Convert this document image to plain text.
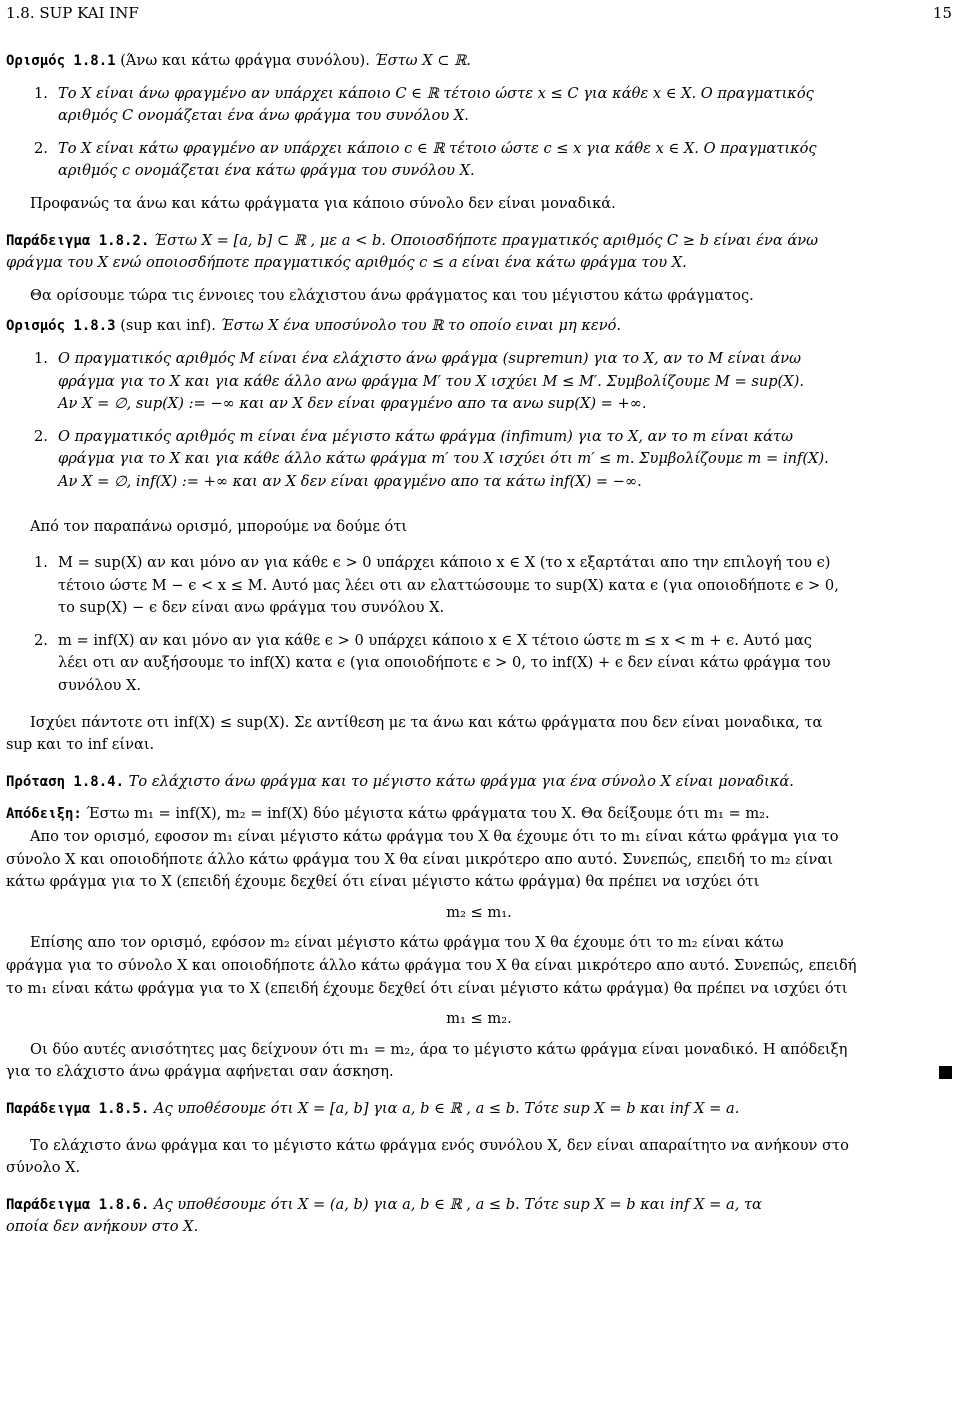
1.8. SUP KAI INF	15

Ορισμός 1.8.1 (Άνω και κάτω φράγμα συνόλου). Έστω X ⊂ ℝ.

1. Το X είναι άνω φραγμένο αν υπάρχει κάποιο C ∈ ℝ τέτοιο ώστε x ≤ C για κάθε x ∈ X. Ο πραγματικός
αριθμός C ονομάζεται ένα άνω φράγμα του συνόλου X.
2. Το X είναι κάτω φραγμένο αν υπάρχει κάποιο c ∈ ℝ τέτοιο ώστε c ≤ x για κάθε x ∈ X. Ο πραγματικός
αριθμός c ονομάζεται ένα κάτω φράγμα του συνόλου X.

Προφανώς τα άνω και κάτω φράγματα για κάποιο σύνολο δεν είναι μοναδικά.

Παράδειγμα 1.8.2. Έστω X = [a, b] ⊂ ℝ , με a < b. Οποιοσδήποτε πραγματικός αριθμός C ≥ b είναι ένα άνω
φράγμα του X ενώ οποιοσδήποτε πραγματικός αριθμός c ≤ a είναι ένα κάτω φράγμα του X.

Θα ορίσουμε τώρα τις έννοιες του ελάχιστου άνω φράγματος και του μέγιστου κάτω φράγματος.

Ορισμός 1.8.3 (sup και inf). Έστω X ένα υποσύνολο του ℝ το οποίο ειναι μη κενό.

1. Ο πραγματικός αριθμός M είναι ένα ελάχιστο άνω φράγμα (supremun) για το X, αν το M είναι άνω
φράγμα για το X και για κάθε άλλο ανω φράγμα M′ του X ισχύει M ≤ M′. Συμβολίζουμε M = sup(X).
Αν X = ∅, sup(X) := −∞ και αν X δεν είναι φραγμένο απο τα ανω sup(X) = +∞.
2. Ο πραγματικός αριθμός m είναι ένα μέγιστο κάτω φράγμα (infimum) για το X, αν το m είναι κάτω
φράγμα για το X και για κάθε άλλο κάτω φράγμα m′ του X ισχύει ότι m′ ≤ m. Συμβολίζουμε m = inf(X).
Αν X = ∅, inf(X) := +∞ και αν X δεν είναι φραγμένο απο τα κάτω inf(X) = −∞.

Από τον παραπάνω ορισμό, μπορούμε να δούμε ότι

1. M = sup(X) αν και μόνο αν για κάθε ϵ > 0 υπάρχει κάποιο x ∈ X (το x εξαρτάται απο την επιλογή του ϵ)
τέτοιο ώστε M − ϵ < x ≤ M. Αυτό μας λέει οτι αν ελαττώσουμε το sup(X) κατα ϵ (για οποιοδήποτε ϵ > 0,
το sup(X) − ϵ δεν είναι ανω φράγμα του συνόλου X.
2. m = inf(X) αν και μόνο αν για κάθε ϵ > 0 υπάρχει κάποιο x ∈ X τέτοιο ώστε m ≤ x < m + ϵ. Αυτό μας
λέει οτι αν αυξήσουμε το inf(X) κατα ϵ (για οποιοδήποτε ϵ > 0, το inf(X) + ϵ δεν είναι κάτω φράγμα του
συνόλου X.
Ισχύει πάντοτε οτι inf(X) ≤ sup(X). Σε αντίθεση με τα άνω και κάτω φράγματα που δεν είναι μοναδικα, τα
sup και το inf είναι.

Πρόταση 1.8.4. Το ελάχιστο άνω φράγμα και το μέγιστο κάτω φράγμα για ένα σύνολο X είναι μοναδικά.

Απόδειξη: Έστω m₁ = inf(X), m₂ = inf(X) δύο μέγιστα κάτω φράγματα του X. Θα δείξουμε ότι m₁ = m₂.
Απο τον ορισμό, εφοσον m₁ είναι μέγιστο κάτω φράγμα του X θα έχουμε ότι το m₁ είναι κάτω φράγμα για το
σύνολο X και οποιοδήποτε άλλο κάτω φράγμα του X θα είναι μικρότερο απο αυτό. Συνεπώς, επειδή το m₂ είναι
κάτω φράγμα για το X (επειδή έχουμε δεχθεί ότι είναι μέγιστο κάτω φράγμα) θα πρέπει να ισχύει ότι
m₂ ≤ m₁.
Επίσης απο τον ορισμό, εφόσον m₂ είναι μέγιστο κάτω φράγμα του X θα έχουμε ότι το m₂ είναι κάτω
φράγμα για το σύνολο X και οποιοδήποτε άλλο κάτω φράγμα του X θα είναι μικρότερο απο αυτό. Συνεπώς, επειδή
το m₁ είναι κάτω φράγμα για το X (επειδή έχουμε δεχθεί ότι είναι μέγιστο κάτω φράγμα) θα πρέπει να ισχύει ότι
m₁ ≤ m₂.
Οι δύο αυτές ανισότητες μας δείχνουν ότι m₁ = m₂, άρα το μέγιστο κάτω φράγμα είναι μοναδικό. Η απόδειξη
για το ελάχιστο άνω φράγμα αφήνεται σαν άσκηση.

Παράδειγμα 1.8.5. Ας υποθέσουμε ότι X = [a, b] για a, b ∈ ℝ , a ≤ b. Τότε sup X = b και inf X = a.

Το ελάχιστο άνω φράγμα και το μέγιστο κάτω φράγμα ενός συνόλου X, δεν είναι απαραίτητο να ανήκουν στο
σύνολο X.
Παράδειγμα 1.8.6. Ας υποθέσουμε ότι X = (a, b) για a, b ∈ ℝ , a ≤ b. Τότε sup X = b και inf X = a, τα
οποία δεν ανήκουν στο X.
